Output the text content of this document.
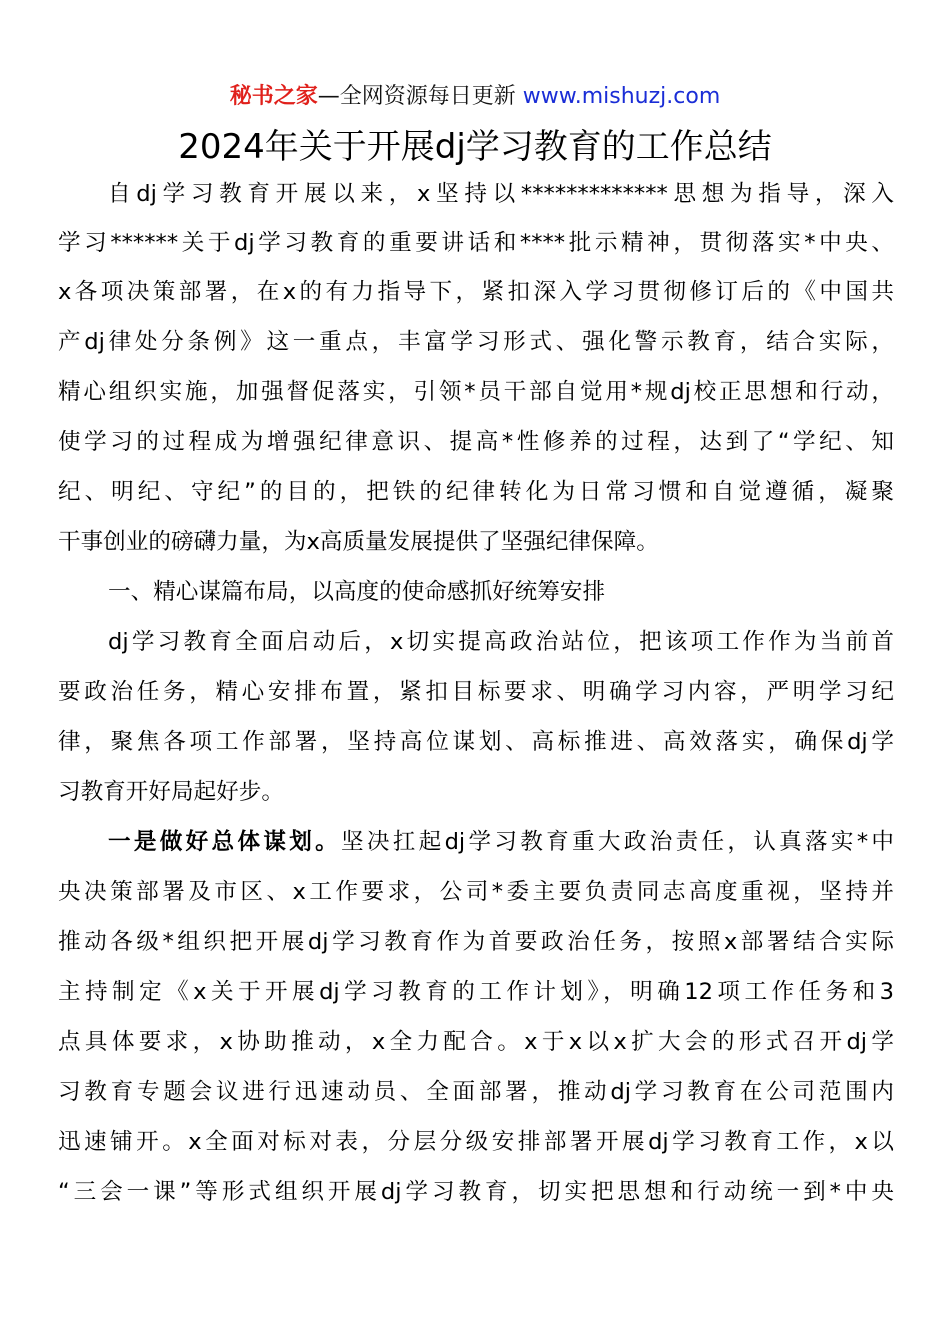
秘书之家—全网资源每日更新 www.mishuzj.com
2024年关于开展dj学习教育的工作总结
自dj学习教育开展以来，x坚持以*************思想为指导，深入
学习******关于dj学习教育的重要讲话和****批示精神，贯彻落实*中央、
x各项决策部署，在x的有力指导下，紧扣深入学习贯彻修订后的《中国共
产dj律处分条例》这一重点，丰富学习形式、强化警示教育，结合实际，
精心组织实施，加强督促落实，引领*员干部自觉用*规dj校正思想和行动，
使学习的过程成为增强纪律意识、提高*性修养的过程，达到了“学纪、知
纪、明纪、守纪”的目的，把铁的纪律转化为日常习惯和自觉遵循，凝聚
干事创业的磅礴力量，为x高质量发展提供了坚强纪律保障。
一、精心谋篇布局，以高度的使命感抓好统筹安排
dj学习教育全面启动后，x切实提高政治站位，把该项工作作为当前首
要政治任务，精心安排布置，紧扣目标要求、明确学习内容，严明学习纪
律，聚焦各项工作部署，坚持高位谋划、高标推进、高效落实，确保dj学
习教育开好局起好步。
一是做好总体谋划。坚决扛起dj学习教育重大政治责任，认真落实*中
央决策部署及市区、x工作要求，公司*委主要负责同志高度重视，坚持并
推动各级*组织把开展dj学习教育作为首要政治任务，按照x部署结合实际
主持制定《x关于开展dj学习教育的工作计划》，明确12项工作任务和3
点具体要求，x协助推动，x全力配合。x于x以x扩大会的形式召开dj学
习教育专题会议进行迅速动员、全面部署，推动dj学习教育在公司范围内
迅速铺开。x全面对标对表，分层分级安排部署开展dj学习教育工作，x以
“三会一课”等形式组织开展dj学习教育，切实把思想和行动统一到*中央
